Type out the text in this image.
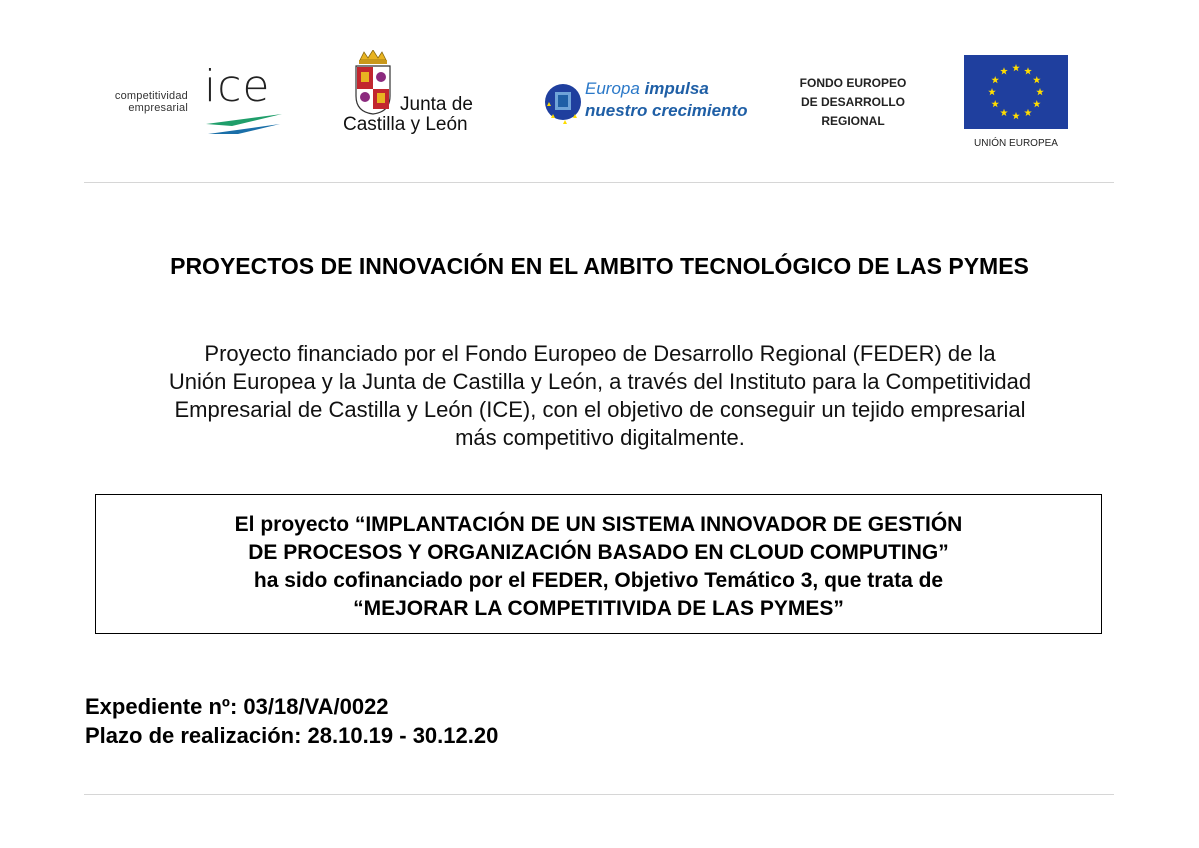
competitividad
empresarial ice	Junta de
Castilla y León
Europa impulsa
nuestro crecimiento
FONDO EUROPEO
DE DESARROLLO
REGIONAL
UNIÓN EUROPEA
PROYECTOS DE INNOVACIÓN EN EL AMBITO TECNOLÓGICO DE LAS PYMES
Proyecto financiado por el Fondo Europeo de Desarrollo Regional (FEDER) de la
Unión Europea y la Junta de Castilla y León, a través del Instituto para la Competitividad
Empresarial de Castilla y León (ICE), con el objetivo de conseguir un tejido empresarial
más competitivo digitalmente.
El proyecto “IMPLANTACIÓN DE UN SISTEMA INNOVADOR DE GESTIÓN
DE PROCESOS Y ORGANIZACIÓN BASADO EN CLOUD COMPUTING”
ha sido cofinanciado por el FEDER, Objetivo Temático 3, que trata de
“MEJORAR LA COMPETITIVIDA DE LAS PYMES”
Expediente nº: 03/18/VA/0022
Plazo de realización: 28.10.19 - 30.12.20
